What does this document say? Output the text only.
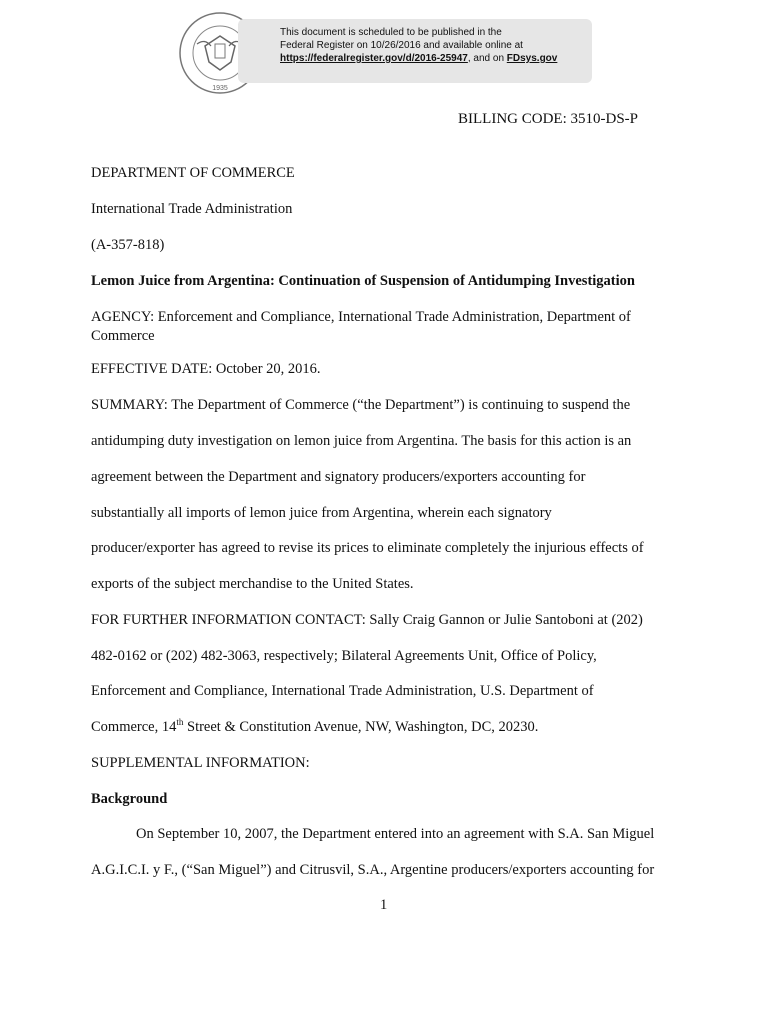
1935
This document is scheduled to be published in the
Federal Register on 10/26/2016 and available online at
https://federalregister.gov/d/2016-25947, and on FDsys.gov
BILLING CODE: 3510-DS-P
DEPARTMENT OF COMMERCE
International Trade Administration
(A-357-818)
Lemon Juice from Argentina: Continuation of Suspension of Antidumping Investigation
AGENCY: Enforcement and Compliance, International Trade Administration, Department of Commerce
EFFECTIVE DATE: October 20, 2016.
SUMMARY: The Department of Commerce (“the Department”) is continuing to suspend the
antidumping duty investigation on lemon juice from Argentina. The basis for this action is an
agreement between the Department and signatory producers/exporters accounting for
substantially all imports of lemon juice from Argentina, wherein each signatory
producer/exporter has agreed to revise its prices to eliminate completely the injurious effects of
exports of the subject merchandise to the United States.
FOR FURTHER INFORMATION CONTACT: Sally Craig Gannon or Julie Santoboni at (202)
482-0162 or (202) 482-3063, respectively; Bilateral Agreements Unit, Office of Policy,
Enforcement and Compliance, International Trade Administration, U.S. Department of
Commerce, 14th Street & Constitution Avenue, NW, Washington, DC, 20230.
SUPPLEMENTAL INFORMATION:
Background
On September 10, 2007, the Department entered into an agreement with S.A. San Miguel
A.G.I.C.I. y F., (“San Miguel”) and Citrusvil, S.A., Argentine producers/exporters accounting for
1
